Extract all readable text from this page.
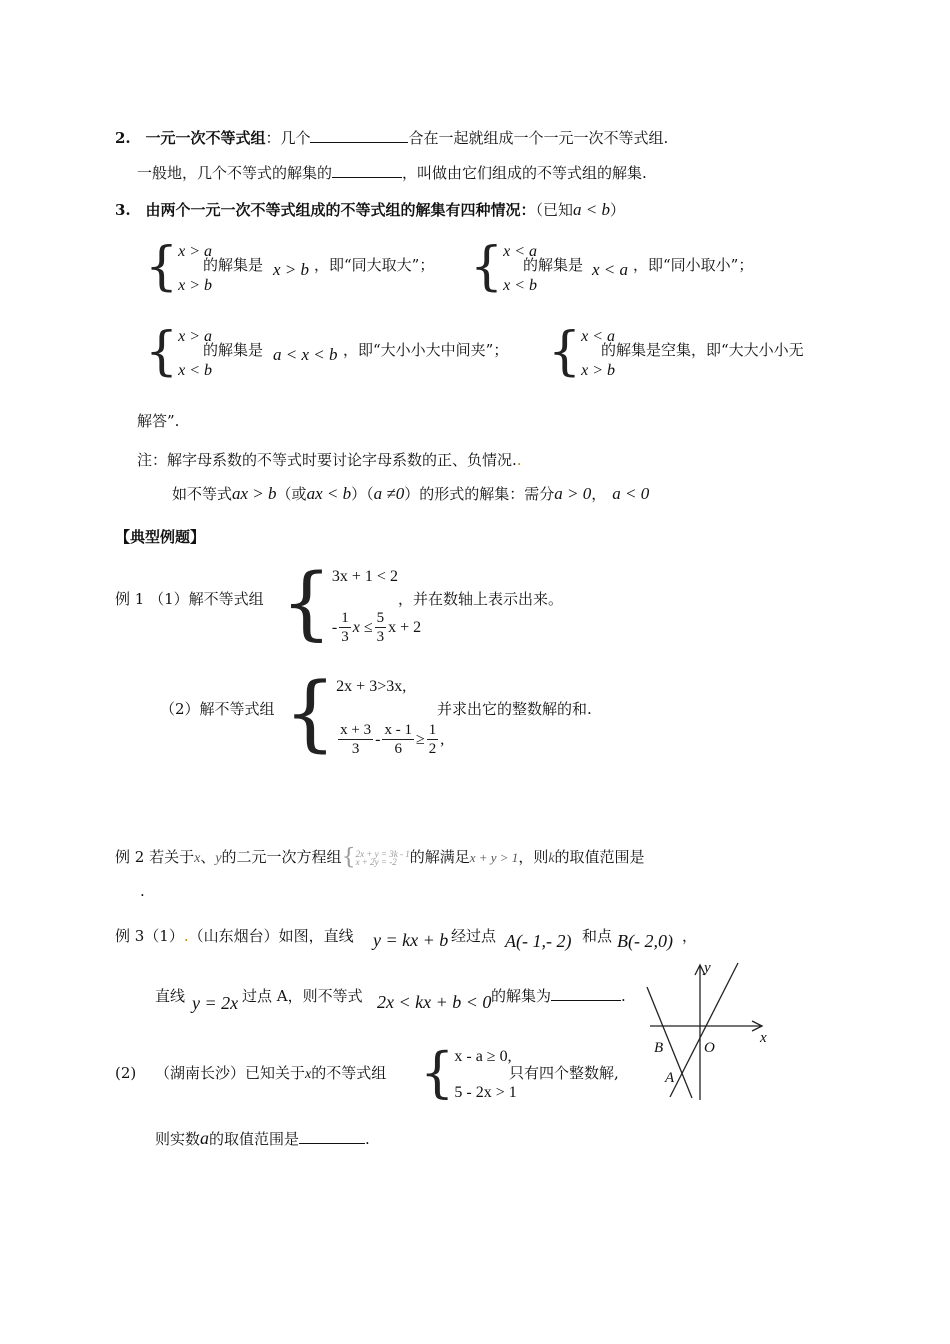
2. 一元一次不等式组：几个	合在一起就组成一个一元一次不等式组.
一般地，几个不等式的解集的	，叫做由它们组成的不等式组的解集.
3. 由两个一元一次不等式组成的不等式组的解集有四种情况：（已知a < b）
{ x > a
x > b
的解集是 x > b ，即“同大取大”； { x < a
x < b
的解集是 x < a ，即“同小取小”；
{ x > a
x < b
的解集是 a < x < b ，即“大小小大中间夹”； { x < a
x > b
的解集是空集，即“大大小小无
解答”.
注：解字母系数的不等式时要讨论字母系数的正、负情况..
如不等式ax > b（或ax < b）（a ≠0）的形式的解集：需分a > 0， a < 0
【典型例题】
例 1 （1）解不等式组 { 3x + 1 < 2
- $\frac{1}{3}$ $x \le \frac{5}{3}$ x + 2
，并在数轴上表示出来。
（2）解不等式组 { 2x + 3>3x,
$\frac{x + 3}{3} - \frac{x - 1}{6} \ge \frac{1}{2}$ ,
并求出它的整数解的和.
例 2 若关于x、y的二元一次方程组 { 2x + y = 3k - 1
x + 2y = -2 的解满足x + y > 1，则k的取值范围是
.
例 3（1）.（山东烟台）如图，直线 y = kx + b 经过点 A(- 1,- 2) 和点 B(- 2,0) ，
直线 y = 2x 过点 A，则不等式 2x < kx + b < 0 的解集为	.
y
x
B	O
A
(2) （湖南长沙）已知关于x的不等式组 { x - a ≥ 0,
5 - 2x > 1
只有四个整数解,
则实数a的取值范围是	.
